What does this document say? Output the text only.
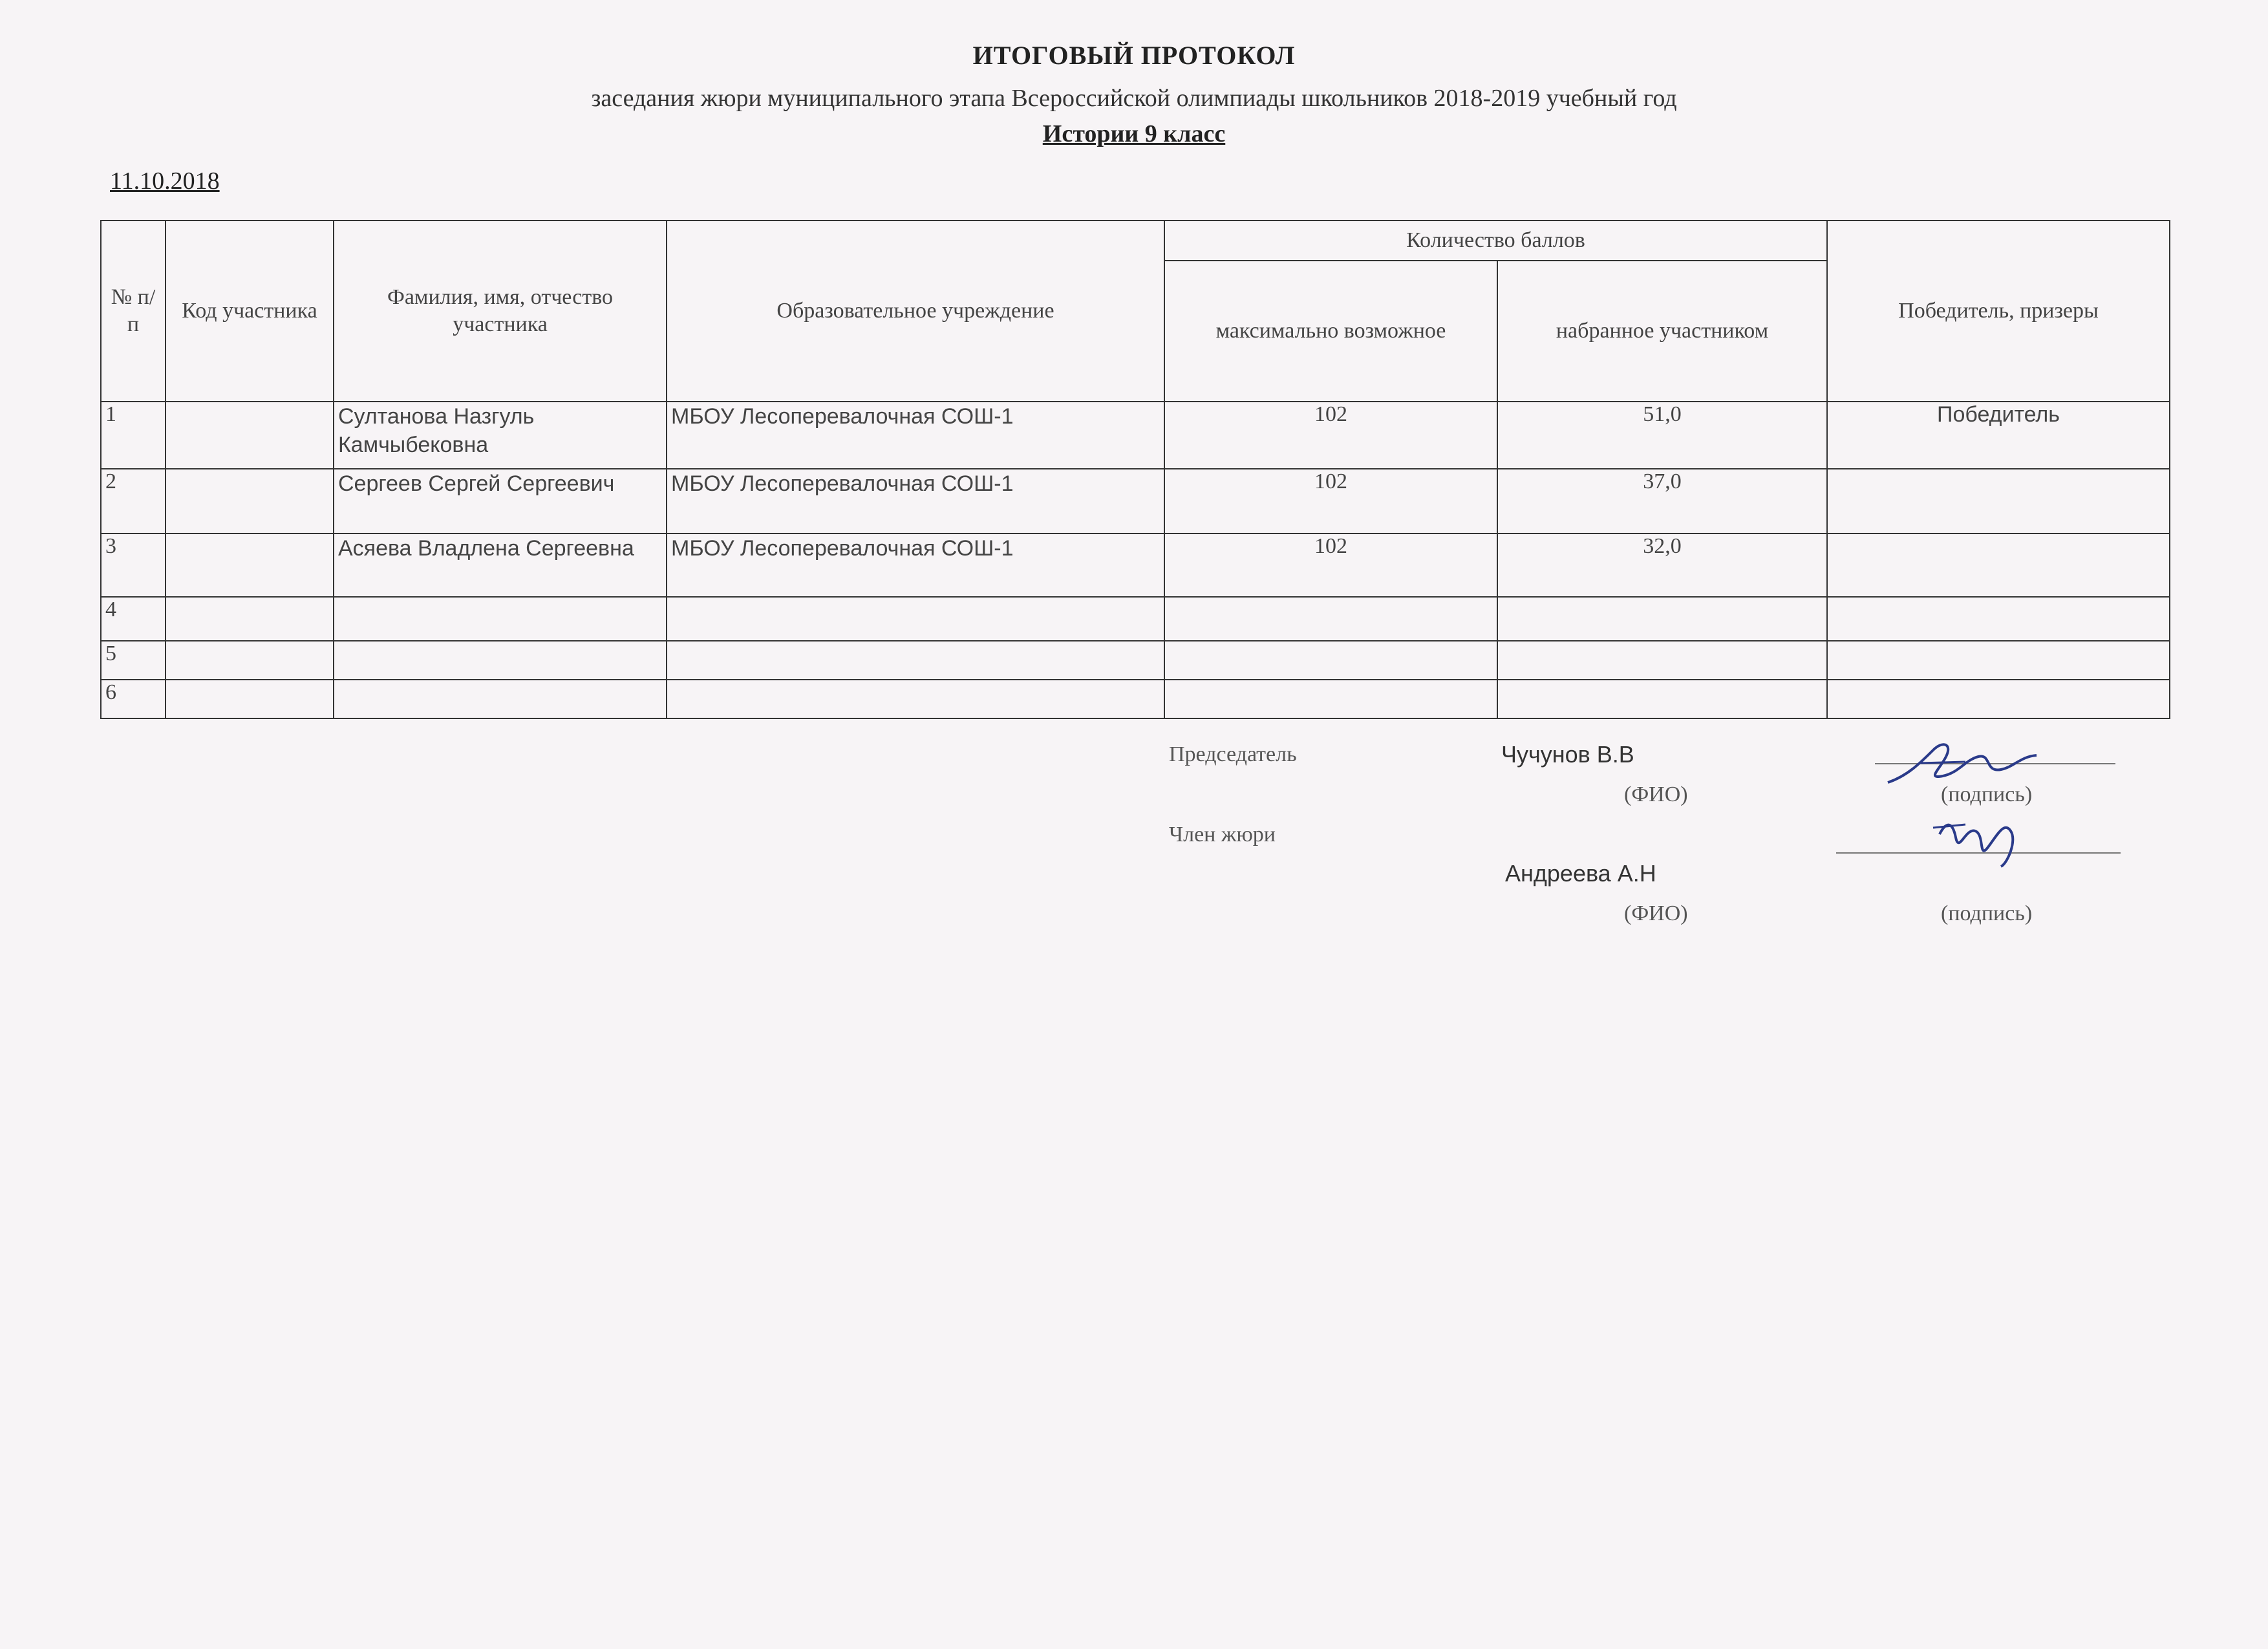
ИТОГОВЫЙ ПРОТОКОЛ
заседания жюри муниципального этапа Всероссийской олимпиады школьников 2018-2019 учебный год
Истории 9 класс
11.10.2018
№ п/п	Код участника	Фамилия, имя, отчество участника	Образовательное учреждение	Количество баллов		Победитель, призеры
				максимально возможное	набранное участником	
1		Султанова Назгуль Камчыбековна	МБОУ Лесоперевалочная СОШ-1	102	51,0	Победитель
2		Сергеев Сергей Сергеевич	МБОУ Лесоперевалочная СОШ-1	102	37,0	
3		Асяева Владлена Сергеевна	МБОУ Лесоперевалочная СОШ-1	102	32,0	
4						
5						
6						
Председатель	Чучунов В.В
(ФИО)	(подпись)
Член жюри
Андреева А.Н
(ФИО)	(подпись)
